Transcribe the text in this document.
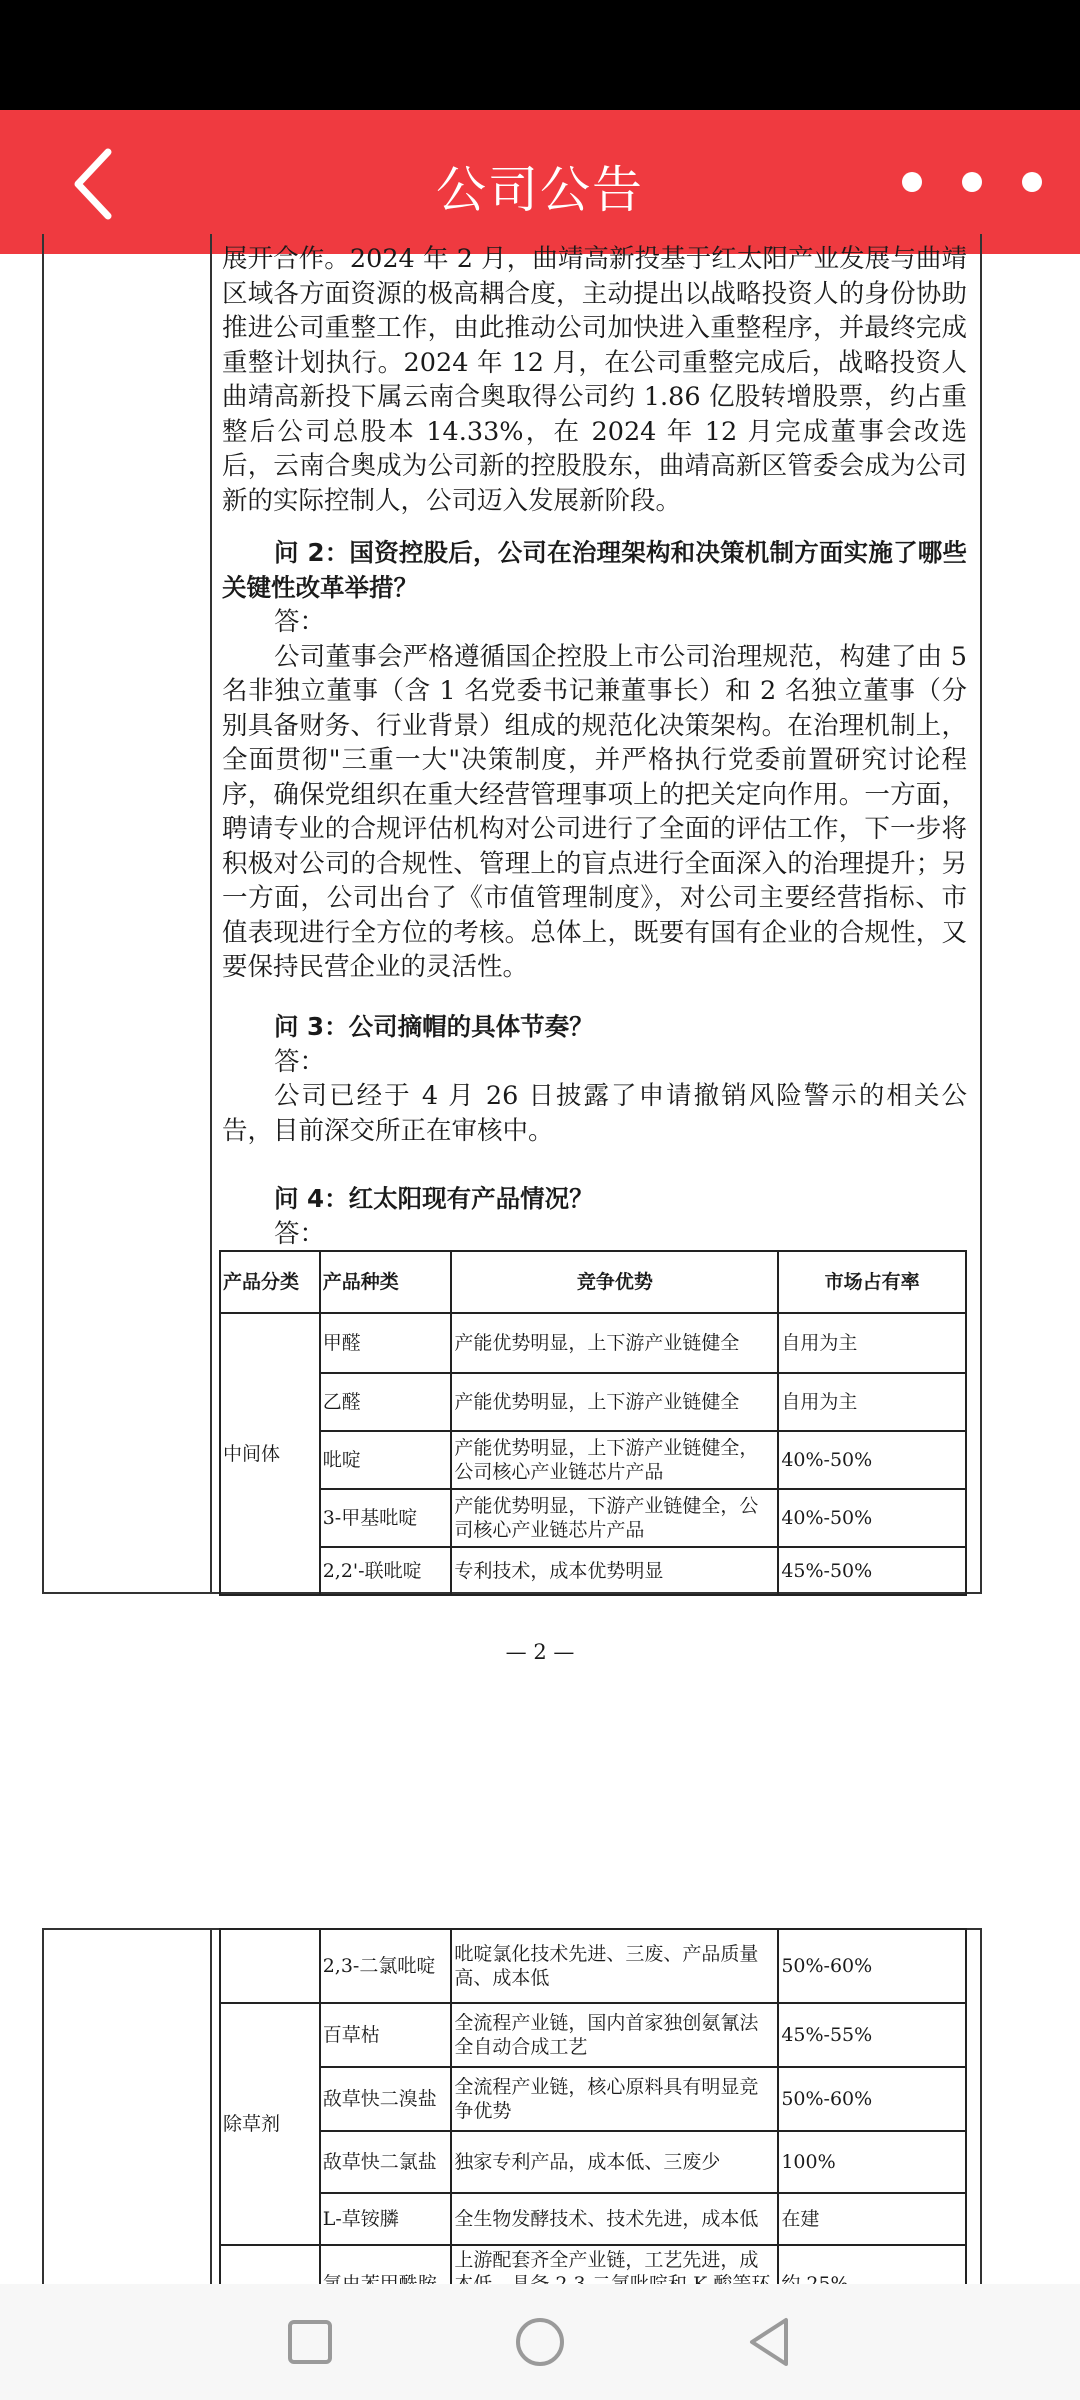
公司公告

展开合作。2024 年 2 月，曲靖高新投基于红太阳产业发展与曲靖区域各方面资源的极高耦合度，主动提出以战略投资人的身份协助推进公司重整工作，由此推动公司加快进入重整程序，并最终完成重整计划执行。2024 年 12 月，在公司重整完成后，战略投资人曲靖高新投下属云南合奥取得公司约 1.86 亿股转增股票，约占重整后公司总股本 14.33%，在 2024 年 12 月完成董事会改选后，云南合奥成为公司新的控股股东，曲靖高新区管委会成为公司新的实际控制人，公司迈入发展新阶段。

问 2：国资控股后，公司在治理架构和决策机制方面实施了哪些关键性改革举措？

答：

公司董事会严格遵循国企控股上市公司治理规范，构建了由 5 名非独立董事（含 1 名党委书记兼董事长）和 2 名独立董事（分别具备财务、行业背景）组成的规范化决策架构。在治理机制上，全面贯彻"三重一大"决策制度，并严格执行党委前置研究讨论程序，确保党组织在重大经营管理事项上的把关定向作用。一方面，聘请专业的合规评估机构对公司进行了全面的评估工作，下一步将积极对公司的合规性、管理上的盲点进行全面深入的治理提升；另一方面，公司出台了《市值管理制度》，对公司主要经营指标、市值表现进行全方位的考核。总体上，既要有国有企业的合规性，又要保持民营企业的灵活性。

问 3：公司摘帽的具体节奏？

答：

公司已经于 4 月 26 日披露了申请撤销风险警示的相关公告，目前深交所正在审核中。

问 4：红太阳现有产品情况？

答：

产品分类	产品种类	竞争优势	市场占有率
中间体	甲醛	产能优势明显，上下游产业链健全	自用为主
	乙醛	产能优势明显，上下游产业链健全	自用为主
	吡啶	产能优势明显，上下游产业链健全，公司核心产业链芯片产品	40%-50%
	3-甲基吡啶	产能优势明显，下游产业链健全，公司核心产业链芯片产品	40%-50%
	2,2'-联吡啶	专利技术，成本优势明显	45%-50%
— 2 —
	2,3-二氯吡啶	吡啶氯化技术先进、三废、产品质量高、成本低	50%-60%
除草剂	百草枯	全流程产业链，国内首家独创氨氰法全自动合成工艺	45%-55%
	敌草快二溴盐	全流程产业链，核心原料具有明显竞争优势	50%-60%
	敌草快二氯盐	独家专利产品，成本低、三废少	100%
	L-草铵膦	全生物发酵技术、技术先进，成本低	在建
		上游配套齐全产业链，工艺先进，成	
